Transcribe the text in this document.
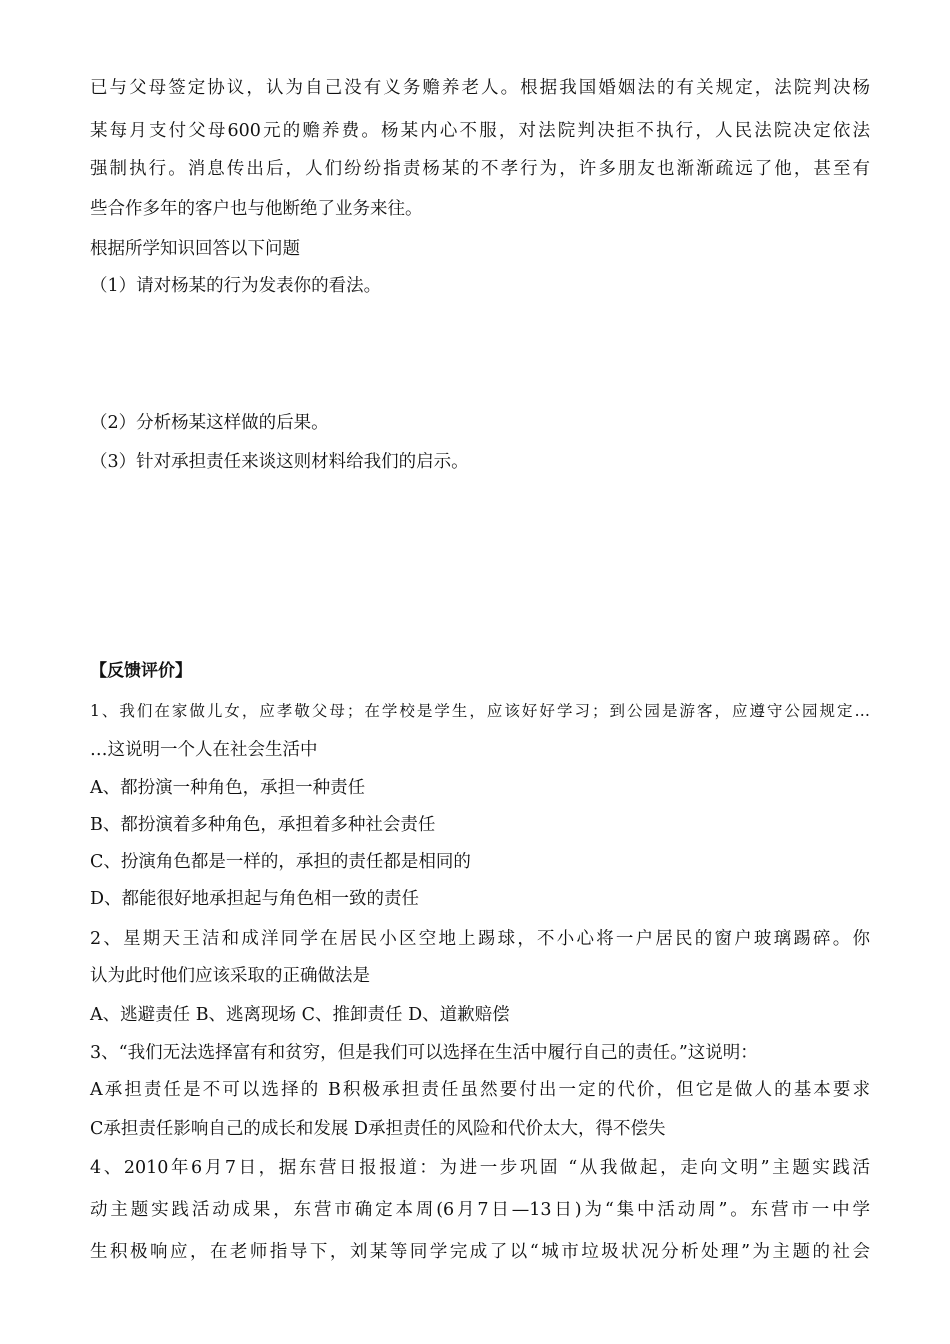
已与父母签定协议，认为自己没有义务赡养老人。根据我国婚姻法的有关规定，法院判决杨
某每月支付父母600元的赡养费。杨某内心不服，对法院判决拒不执行，人民法院决定依法
强制执行。消息传出后，人们纷纷指责杨某的不孝行为，许多朋友也渐渐疏远了他，甚至有
些合作多年的客户也与他断绝了业务来往。
根据所学知识回答以下问题
（1）请对杨某的行为发表你的看法。
（2）分析杨某这样做的后果。
（3）针对承担责任来谈这则材料给我们的启示。
【反馈评价】
1、我们在家做儿女，应孝敬父母；在学校是学生，应该好好学习；到公园是游客，应遵守公园规定…
…这说明一个人在社会生活中
A、都扮演一种角色，承担一种责任
B、都扮演着多种角色，承担着多种社会责任
C、扮演角色都是一样的，承担的责任都是相同的
D、都能很好地承担起与角色相一致的责任
2、星期天王洁和成洋同学在居民小区空地上踢球，不小心将一户居民的窗户玻璃踢碎。你
认为此时他们应该采取的正确做法是
A、逃避责任 B、逃离现场 C、推卸责任 D、道歉赔偿
3、“我们无法选择富有和贫穷，但是我们可以选择在生活中履行自己的责任。”这说明：
A承担责任是不可以选择的 B积极承担责任虽然要付出一定的代价，但它是做人的基本要求
C承担责任影响自己的成长和发展 D承担责任的风险和代价太大，得不偿失
4、2010年6月7日，据东营日报报道：为进一步巩固 “从我做起，走向文明”主题实践活
动主题实践活动成果，东营市确定本周(6月7日—13日)为“集中活动周”。东营市一中学
生积极响应，在老师指导下，刘某等同学完成了以“城市垃圾状况分析处理”为主题的社会
